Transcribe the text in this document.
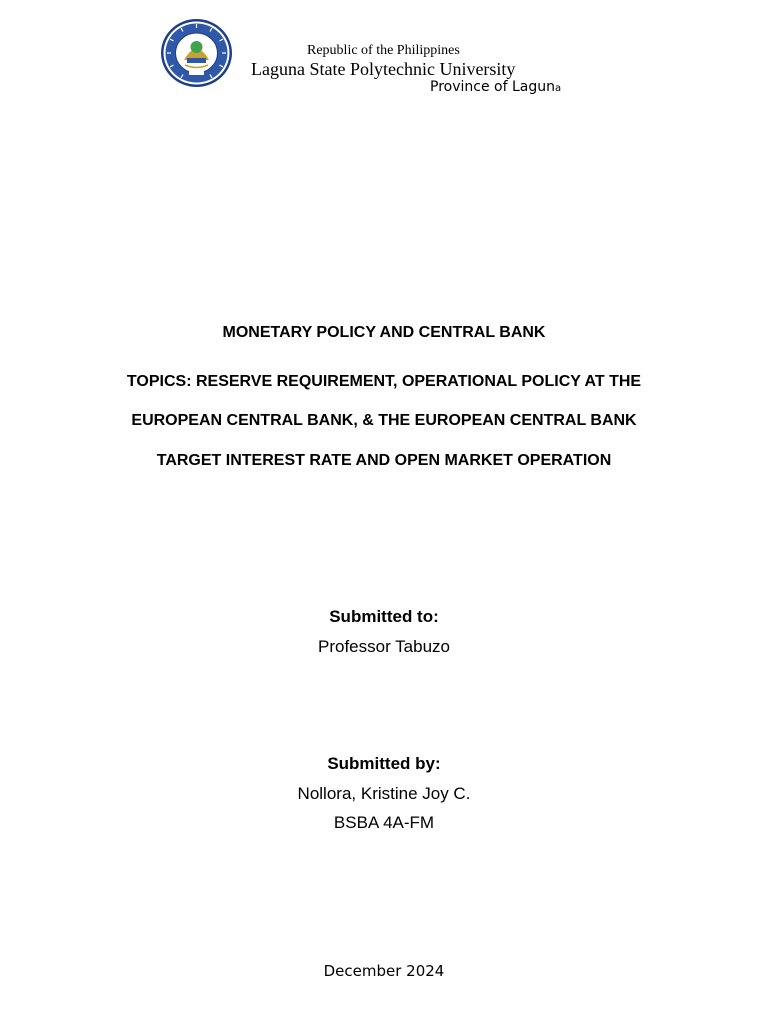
Republic of the Philippines
Laguna State Polytechnic University
Province of Laguna
MONETARY POLICY AND CENTRAL BANK
TOPICS: RESERVE REQUIREMENT, OPERATIONAL POLICY AT THE
EUROPEAN CENTRAL BANK, & THE EUROPEAN CENTRAL BANK
TARGET INTEREST RATE AND OPEN MARKET OPERATION
Submitted to:
Professor Tabuzo
Submitted by:
Nollora, Kristine Joy C.
BSBA 4A-FM
December 2024
